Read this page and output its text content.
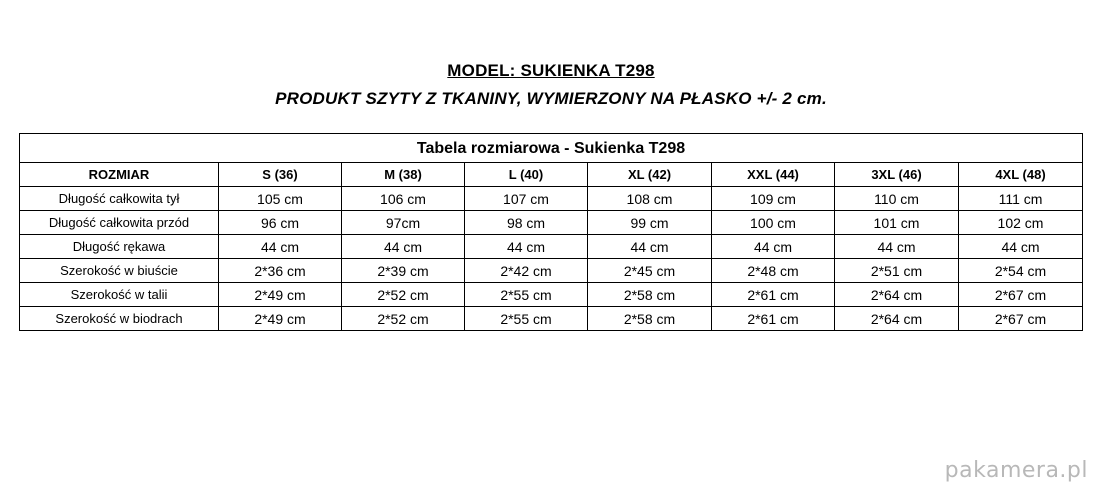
MODEL: SUKIENKA T298
PRODUKT SZYTY Z TKANINY, WYMIERZONY NA PŁASKO +/- 2 cm.
Tabela rozmiarowa - Sukienka T298							
ROZMIAR	S (36)	M (38)	L (40)	XL (42)	XXL (44)	3XL (46)	4XL (48)
Długość całkowita tył	105 cm	106 cm	107 cm	108 cm	109 cm	110 cm	111 cm
Długość całkowita przód	96 cm	97cm	98 cm	99 cm	100 cm	101 cm	102 cm
Długość rękawa	44 cm	44 cm	44 cm	44 cm	44 cm	44 cm	44 cm
Szerokość w biuście	2*36 cm	2*39 cm	2*42 cm	2*45 cm	2*48 cm	2*51 cm	2*54 cm
Szerokość w talii	2*49 cm	2*52 cm	2*55 cm	2*58 cm	2*61 cm	2*64 cm	2*67 cm
Szerokość w biodrach	2*49 cm	2*52 cm	2*55 cm	2*58 cm	2*61 cm	2*64 cm	2*67 cm
pakamera.pl
